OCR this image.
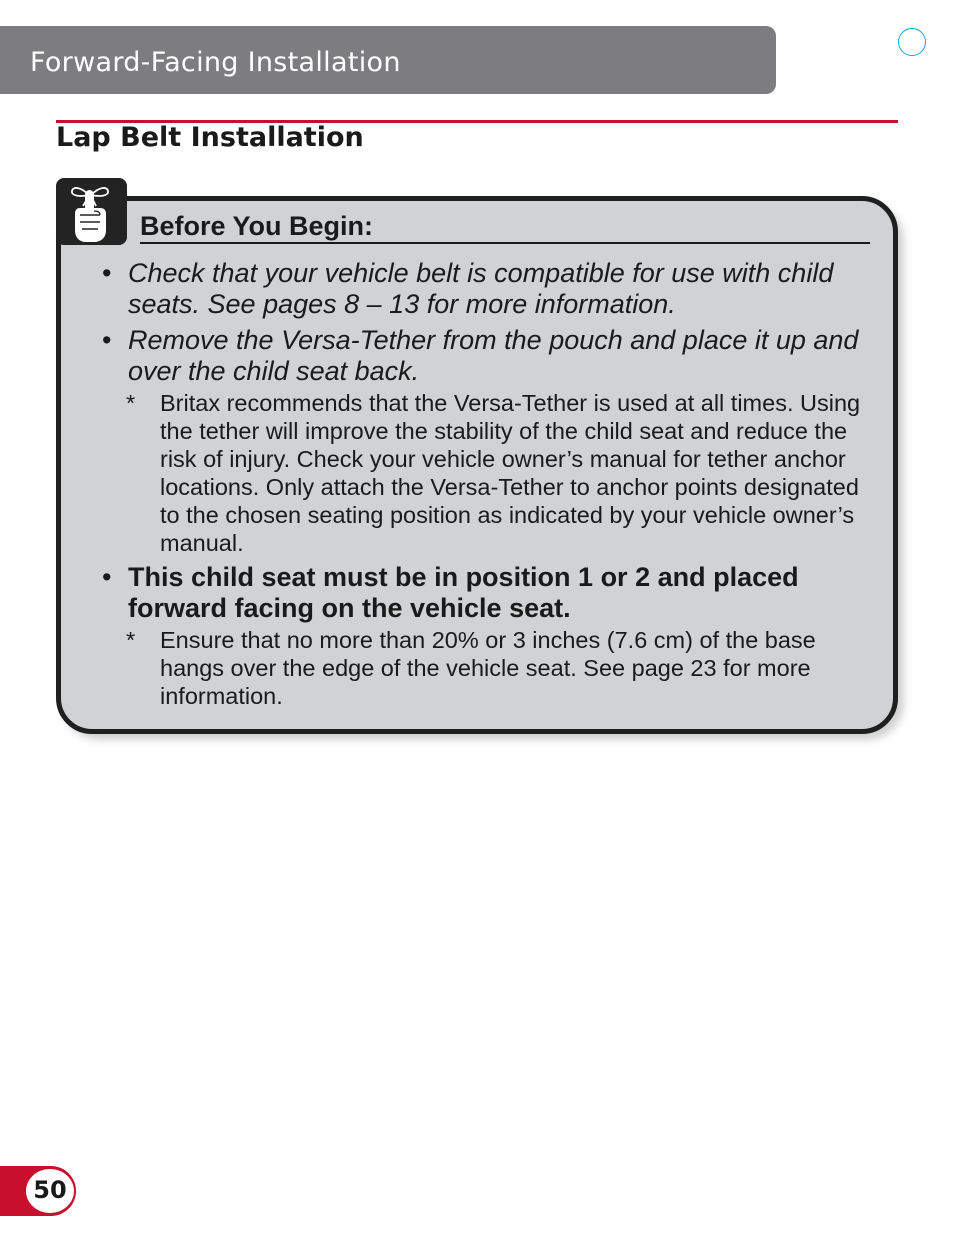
Forward-Facing Installation
Lap Belt Installation
Before You Begin:
• Check that your vehicle belt is compatible for use with child seats. See pages 8 – 13 for more information.
• Remove the Versa-Tether from the pouch and place it up and over the child seat back.
* Britax recommends that the Versa-Tether is used at all times. Using the tether will improve the stability of the child seat and reduce the risk of injury. Check your vehicle owner’s manual for tether anchor locations. Only attach the Versa-Tether to anchor points designated to the chosen seating position as indicated by your vehicle owner’s manual.
• This child seat must be in position 1 or 2 and placed forward facing on the vehicle seat.
* Ensure that no more than 20% or 3 inches (7.6 cm) of the base hangs over the edge of the vehicle seat. See page 23 for more information.
50
